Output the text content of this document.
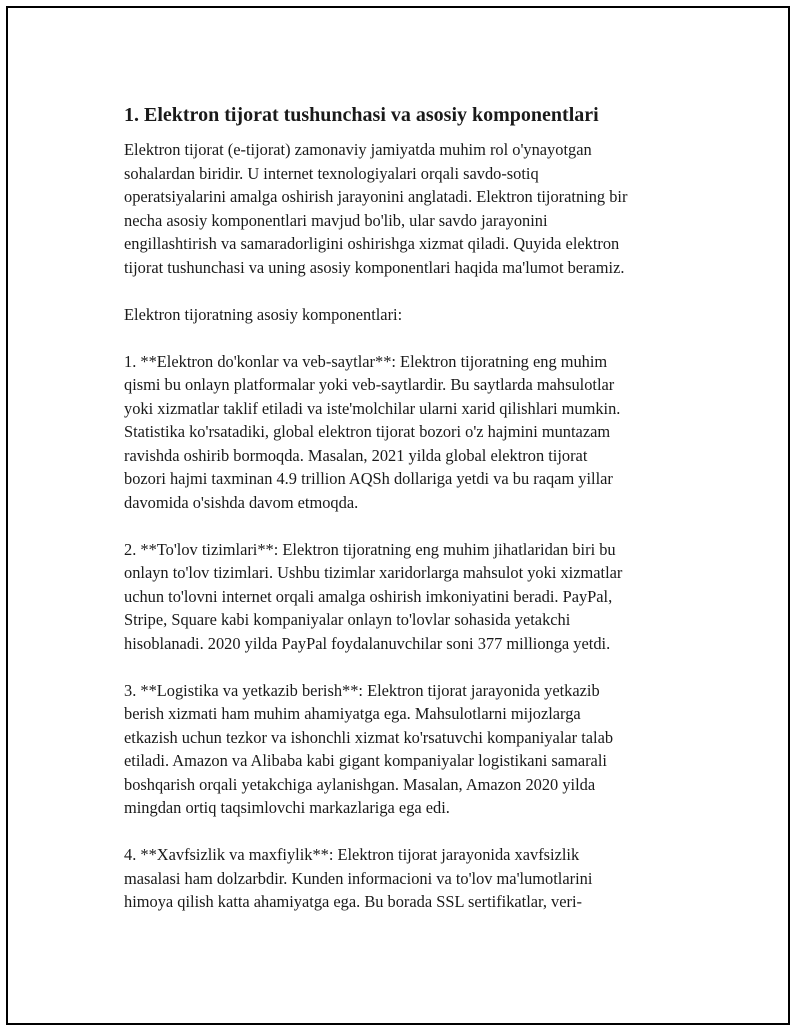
1. Elektron tijorat tushunchasi va asosiy komponentlari

Elektron tijorat (e-tijorat) zamonaviy jamiyatda muhim rol o'ynayotgan
sohalardan biridir. U internet texnologiyalari orqali savdo-sotiq
operatsiyalarini amalga oshirish jarayonini anglatadi. Elektron tijoratning bir
necha asosiy komponentlari mavjud bo'lib, ular savdo jarayonini
engillashtirish va samaradorligini oshirishga xizmat qiladi. Quyida elektron
tijorat tushunchasi va uning asosiy komponentlari haqida ma'lumot beramiz.

Elektron tijoratning asosiy komponentlari:

1. **Elektron do'konlar va veb-saytlar**: Elektron tijoratning eng muhim
qismi bu onlayn platformalar yoki veb-saytlardir. Bu saytlarda mahsulotlar
yoki xizmatlar taklif etiladi va iste'molchilar ularni xarid qilishlari mumkin.
Statistika ko'rsatadiki, global elektron tijorat bozori o'z hajmini muntazam
ravishda oshirib bormoqda. Masalan, 2021 yilda global elektron tijorat
bozori hajmi taxminan 4.9 trillion AQSh dollariga yetdi va bu raqam yillar
davomida o'sishda davom etmoqda.

2. **To'lov tizimlari**: Elektron tijoratning eng muhim jihatlaridan biri bu
onlayn to'lov tizimlari. Ushbu tizimlar xaridorlarga mahsulot yoki xizmatlar
uchun to'lovni internet orqali amalga oshirish imkoniyatini beradi. PayPal,
Stripe, Square kabi kompaniyalar onlayn to'lovlar sohasida yetakchi
hisoblanadi. 2020 yilda PayPal foydalanuvchilar soni 377 millionga yetdi.

3. **Logistika va yetkazib berish**: Elektron tijorat jarayonida yetkazib
berish xizmati ham muhim ahamiyatga ega. Mahsulotlarni mijozlarga
etkazish uchun tezkor va ishonchli xizmat ko'rsatuvchi kompaniyalar talab
etiladi. Amazon va Alibaba kabi gigant kompaniyalar logistikani samarali
boshqarish orqali yetakchiga aylanishgan. Masalan, Amazon 2020 yilda
mingdan ortiq taqsimlovchi markazlariga ega edi.

4. **Xavfsizlik va maxfiylik**: Elektron tijorat jarayonida xavfsizlik
masalasi ham dolzarbdir. Kunden informacioni va to'lov ma'lumotlarini
himoya qilish katta ahamiyatga ega. Bu borada SSL sertifikatlar, veri-
